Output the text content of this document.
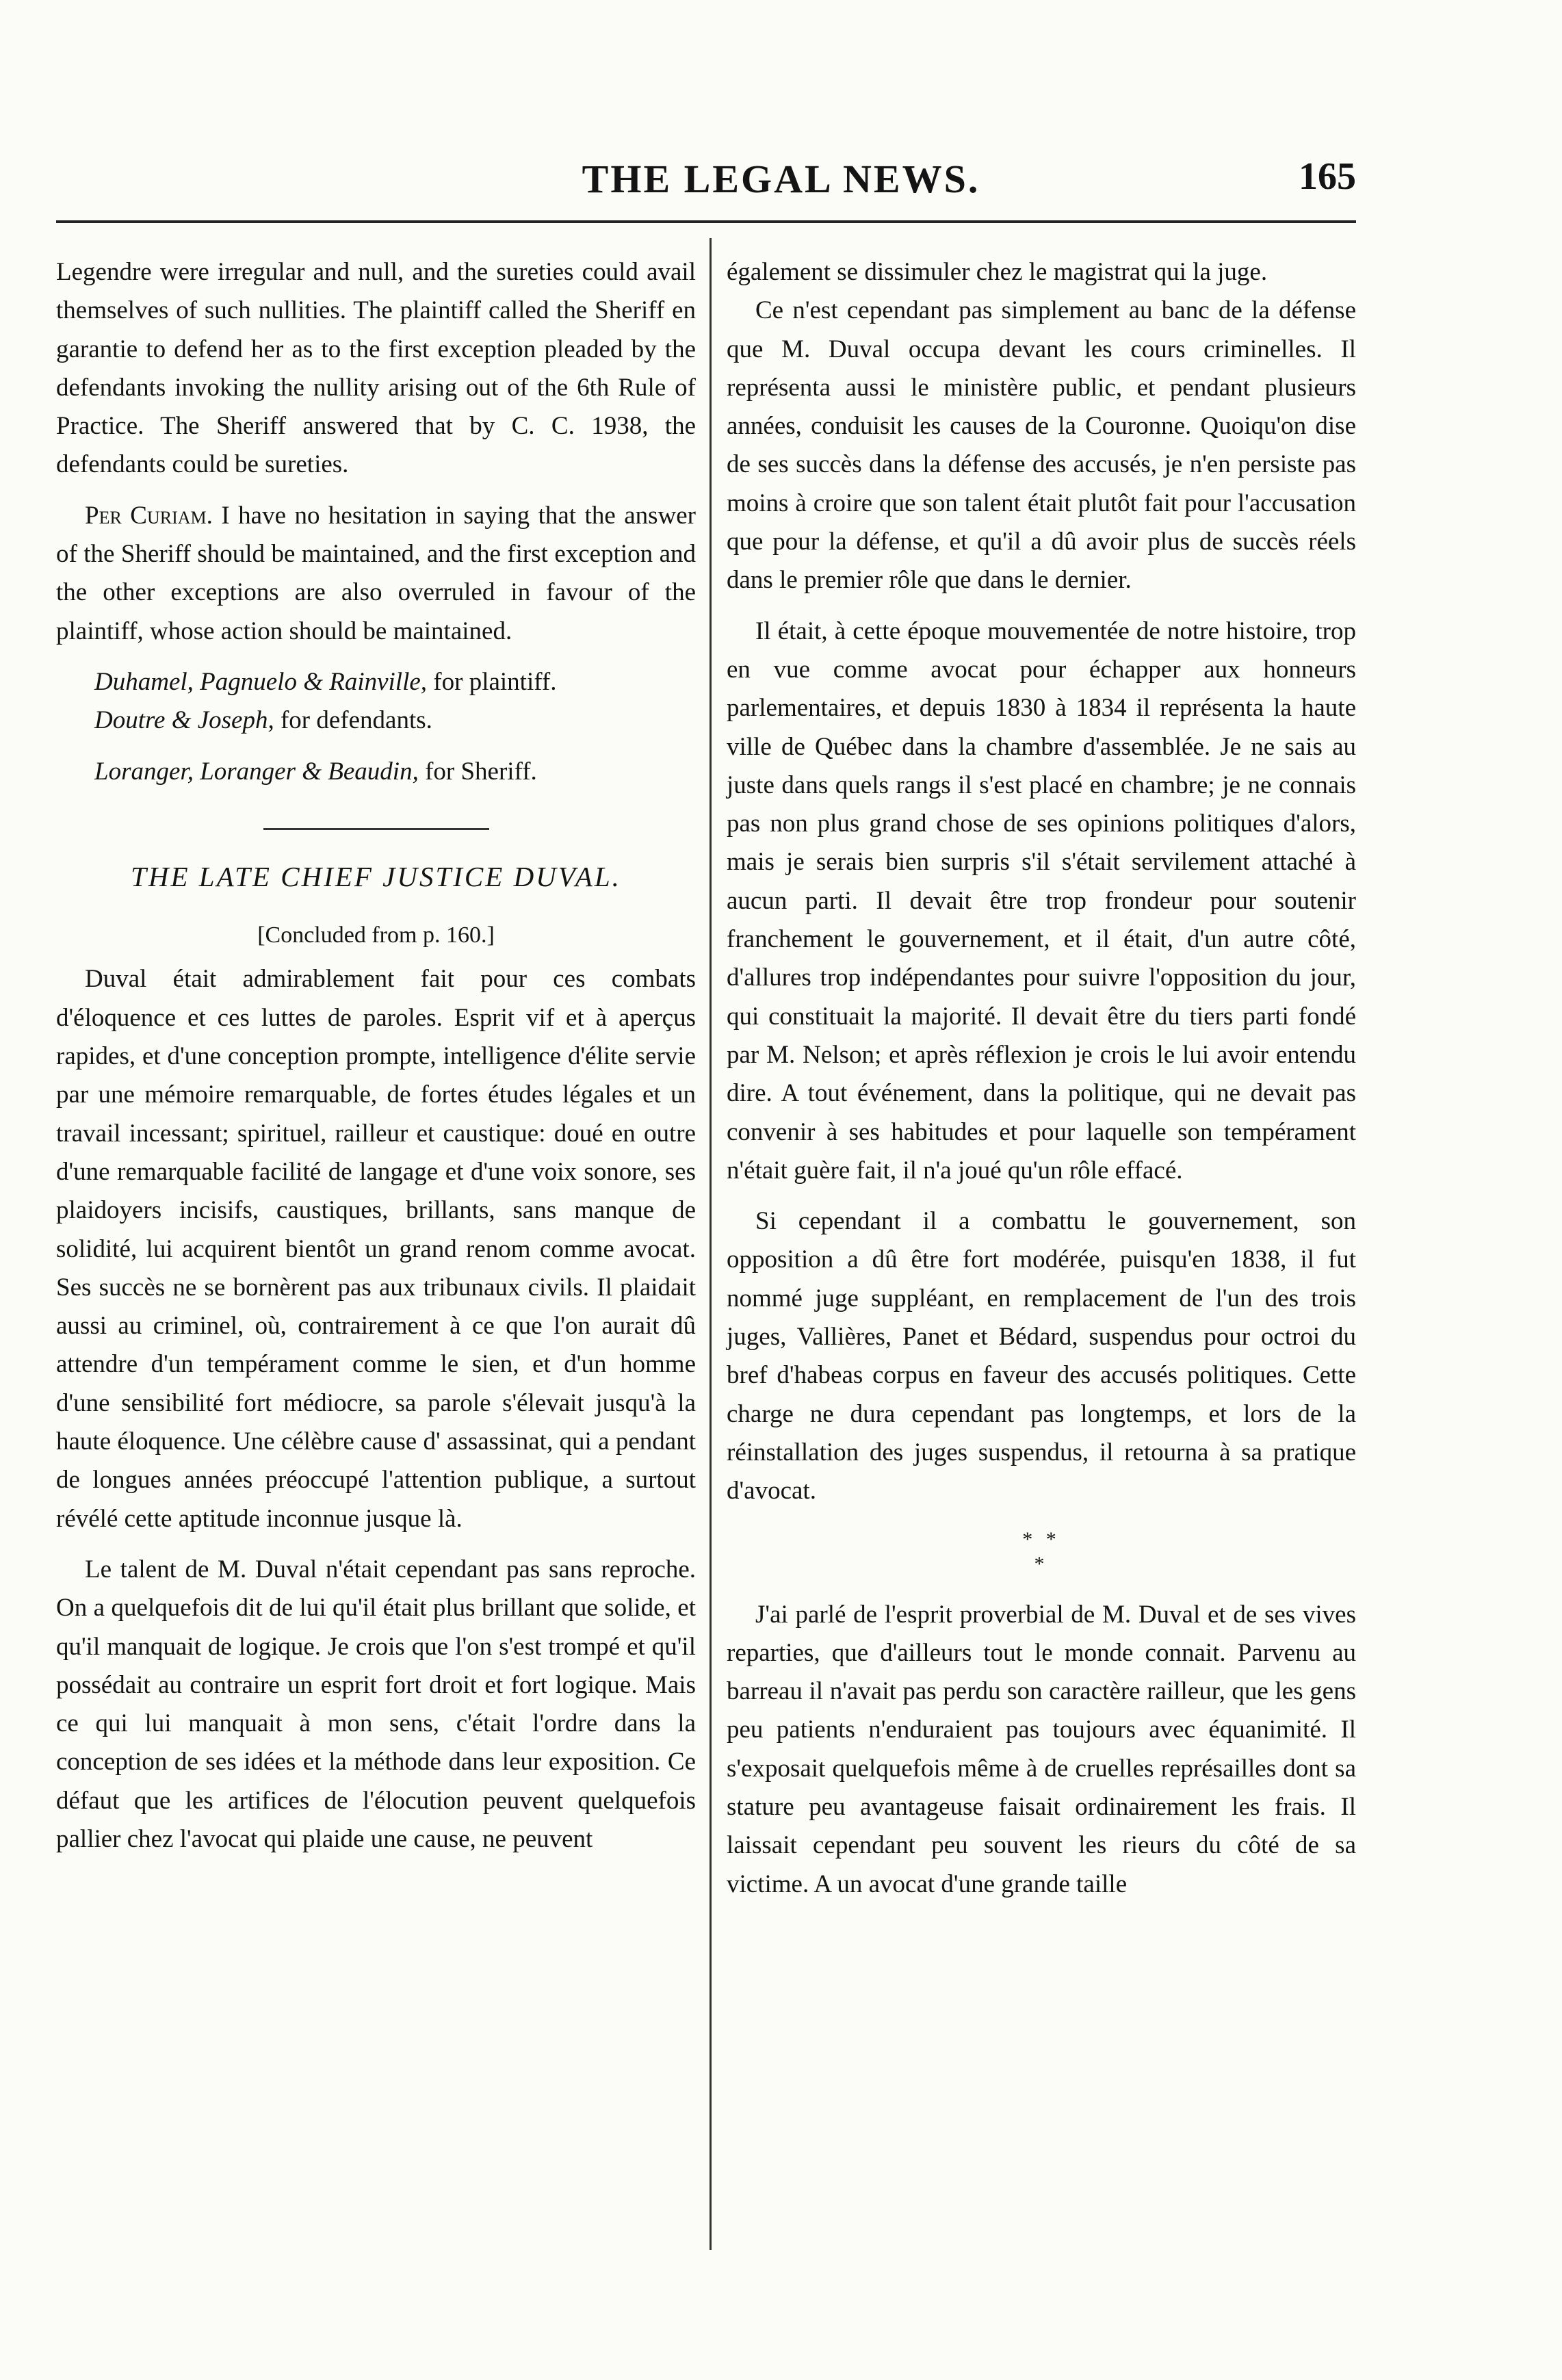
THE LEGAL NEWS.	165

Legendre were irregular and null, and the sureties could avail themselves of such nullities. The plaintiff called the Sheriff en garantie to defend her as to the first exception pleaded by the defendants invoking the nullity arising out of the 6th Rule of Practice. The Sheriff answered that by C. C. 1938, the defendants could be sureties.

Per Curiam. I have no hesitation in saying that the answer of the Sheriff should be maintained, and the first exception and the other exceptions are also overruled in favour of the plaintiff, whose action should be maintained.

Duhamel, Pagnuelo & Rainville, for plaintiff.

Doutre & Joseph, for defendants.

Loranger, Loranger & Beaudin, for Sheriff.

THE LATE CHIEF JUSTICE DUVAL.

[Concluded from p. 160.]

Duval était admirablement fait pour ces combats d'éloquence et ces luttes de paroles. Esprit vif et à aperçus rapides, et d'une conception prompte, intelligence d'élite servie par une mémoire remarquable, de fortes études légales et un travail incessant; spirituel, railleur et caustique: doué en outre d'une remarquable facilité de langage et d'une voix sonore, ses plaidoyers incisifs, caustiques, brillants, sans manque de solidité, lui acquirent bientôt un grand renom comme avocat. Ses succès ne se bornèrent pas aux tribunaux civils. Il plaidait aussi au criminel, où, contrairement à ce que l'on aurait dû attendre d'un tempérament comme le sien, et d'un homme d'une sensibilité fort médiocre, sa parole s'élevait jusqu'à la haute éloquence. Une célèbre cause d' assassinat, qui a pendant de longues années préoccupé l'attention publique, a surtout révélé cette aptitude inconnue jusque là.

Le talent de M. Duval n'était cependant pas sans reproche. On a quelquefois dit de lui qu'il était plus brillant que solide, et qu'il manquait de logique. Je crois que l'on s'est trompé et qu'il possédait au contraire un esprit fort droit et fort logique. Mais ce qui lui manquait à mon sens, c'était l'ordre dans la conception de ses idées et la méthode dans leur exposition. Ce défaut que les artifices de l'élocution peuvent quelquefois pallier chez l'avocat qui plaide une cause, ne peuvent

également se dissimuler chez le magistrat qui la juge.

Ce n'est cependant pas simplement au banc de la défense que M. Duval occupa devant les cours criminelles. Il représenta aussi le ministère public, et pendant plusieurs années, conduisit les causes de la Couronne. Quoiqu'on dise de ses succès dans la défense des accusés, je n'en persiste pas moins à croire que son talent était plutôt fait pour l'accusation que pour la défense, et qu'il a dû avoir plus de succès réels dans le premier rôle que dans le dernier.

Il était, à cette époque mouvementée de notre histoire, trop en vue comme avocat pour échapper aux honneurs parlementaires, et depuis 1830 à 1834 il représenta la haute ville de Québec dans la chambre d'assemblée. Je ne sais au juste dans quels rangs il s'est placé en chambre; je ne connais pas non plus grand chose de ses opinions politiques d'alors, mais je serais bien surpris s'il s'était servilement attaché à aucun parti. Il devait être trop frondeur pour soutenir franchement le gouvernement, et il était, d'un autre côté, d'allures trop indépendantes pour suivre l'opposition du jour, qui constituait la majorité. Il devait être du tiers parti fondé par M. Nelson; et après réflexion je crois le lui avoir entendu dire. A tout événement, dans la politique, qui ne devait pas convenir à ses habitudes et pour laquelle son tempérament n'était guère fait, il n'a joué qu'un rôle effacé.

Si cependant il a combattu le gouvernement, son opposition a dû être fort modérée, puisqu'en 1838, il fut nommé juge suppléant, en remplacement de l'un des trois juges, Vallières, Panet et Bédard, suspendus pour octroi du bref d'habeas corpus en faveur des accusés politiques. Cette charge ne dura cependant pas longtemps, et lors de la réinstallation des juges suspendus, il retourna à sa pratique d'avocat.

* *
*

J'ai parlé de l'esprit proverbial de M. Duval et de ses vives reparties, que d'ailleurs tout le monde connait. Parvenu au barreau il n'avait pas perdu son caractère railleur, que les gens peu patients n'enduraient pas toujours avec équanimité. Il s'exposait quelquefois même à de cruelles représailles dont sa stature peu avantageuse faisait ordinairement les frais. Il laissait cependant peu souvent les rieurs du côté de sa victime. A un avocat d'une grande taille
